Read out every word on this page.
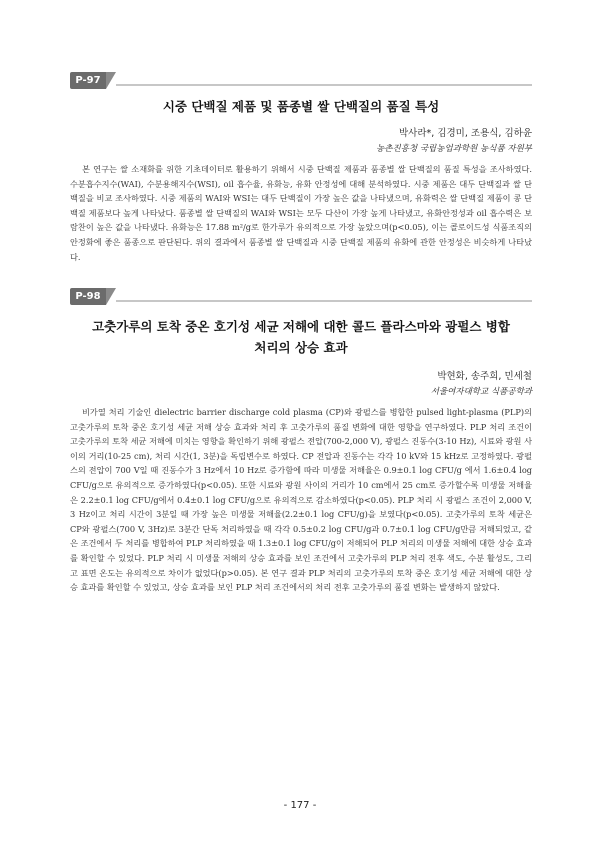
P-97
시중 단백질 제품 및 품종별 쌀 단백질의 품질 특성
박사라*, 김경미, 조용식, 김하윤
농촌진흥청 국립농업과학원 농식품 자원부

본 연구는 쌀 소재화를 위한 기초데이터로 활용하기 위해서 시중 단백질 제품과 품종별 쌀 단백질의 품질 특성을 조사하였다. 수분흡수지수(WAI), 수분용해지수(WSI), oil 흡수율, 유화능, 유화 안정성에 대해 분석하였다. 시중 제품은 대두 단백질과 쌀 단백질을 비교 조사하였다. 시중 제품의 WAI와 WSI는 대두 단백질이 가장 높은 값을 나타냈으며, 유화력은 쌀 단백질 제품이 콩 단백질 제품보다 높게 나타났다. 품종별 쌀 단백질의 WAI와 WSI는 모두 다산이 가장 높게 나타냈고, 유화안정성과 oil 흡수력은 보람찬이 높은 값을 나타냈다. 유화능은 17.88 m²/g로 한가루가 유의적으로 가장 높았으며(p<0.05), 이는 콜로이드성 식품조직의 안정화에 좋은 품종으로 판단된다. 위의 결과에서 품종별 쌀 단백질과 시중 단백질 제품의 유화에 관한 안정성은 비슷하게 나타났다.

P-98
고춧가루의 토착 중온 호기성 세균 저해에 대한 콜드 플라스마와 광펄스 병합
처리의 상승 효과
박현화, 송주희, 민세철
서울여자대학교 식품공학과

비가열 처리 기술인 dielectric barrier discharge cold plasma (CP)와 광펄스를 병합한 pulsed light-plasma (PLP)의 고춧가루의 토착 중온 호기성 세균 저해 상승 효과와 처리 후 고춧가루의 품질 변화에 대한 영향을 연구하였다. PLP 처리 조건이 고춧가루의 토착 세균 저해에 미치는 영향을 확인하기 위해 광펄스 전압(700-2,000 V), 광펄스 진동수(3-10 Hz), 시료와 광원 사이의 거리(10-25 cm), 처리 시간(1, 3분)을 독립변수로 하였다. CP 전압과 진동수는 각각 10 kV와 15 kHz로 고정하였다. 광펄스의 전압이 700 V일 때 진동수가 3 Hz에서 10 Hz로 증가함에 따라 미생물 저해율은 0.9±0.1 log CFU/g 에서 1.6±0.4 log CFU/g으로 유의적으로 증가하였다(p<0.05). 또한 시료와 광원 사이의 거리가 10 cm에서 25 cm로 증가할수록 미생물 저해율은 2.2±0.1 log CFU/g에서 0.4±0.1 log CFU/g으로 유의적으로 감소하였다(p<0.05). PLP 처리 시 광펄스 조건이 2,000 V, 3 Hz이고 처리 시간이 3분일 때 가장 높은 미생물 저해율(2.2±0.1 log CFU/g)을 보였다(p<0.05). 고춧가루의 토착 세균은 CP와 광펄스(700 V, 3Hz)로 3분간 단독 처리하였을 때 각각 0.5±0.2 log CFU/g과 0.7±0.1 log CFU/g만큼 저해되었고, 같은 조건에서 두 처리를 병합하여 PLP 처리하였을 때 1.3±0.1 log CFU/g이 저해되어 PLP 처리의 미생물 저해에 대한 상승 효과를 확인할 수 있었다. PLP 처리 시 미생물 저해의 상승 효과를 보인 조건에서 고춧가루의 PLP 처리 전후 색도, 수분 활성도, 그리고 표면 온도는 유의적으로 차이가 없었다(p>0.05). 본 연구 결과 PLP 처리의 고춧가루의 토착 중온 호기성 세균 저해에 대한 상승 효과를 확인할 수 있었고, 상승 효과를 보인 PLP 처리 조건에서의 처리 전후 고춧가루의 품질 변화는 발생하지 않았다.

- 177 -
